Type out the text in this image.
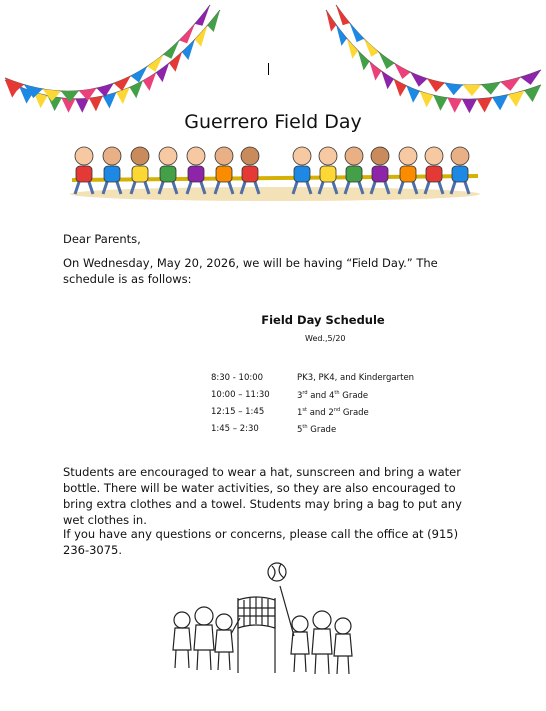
Guerrero Field Day
Dear Parents,
On Wednesday, May 20, 2026, we will be having “Field Day.” The schedule is as follows:
Field Day Schedule
Wed.,5/20
8:30 - 10:00	PK3, PK4, and Kindergarten
10:00 – 11:30	3rd and 4th Grade
12:15 – 1:45	1st and 2nd Grade
1:45 – 2:30	5th Grade
Students are encouraged to wear a hat, sunscreen and bring a water bottle. There will be water activities, so they are also encouraged to bring extra clothes and a towel. Students may bring a bag to put any wet clothes in.
If you have any questions or concerns, please call the office at (915) 236-3075.
